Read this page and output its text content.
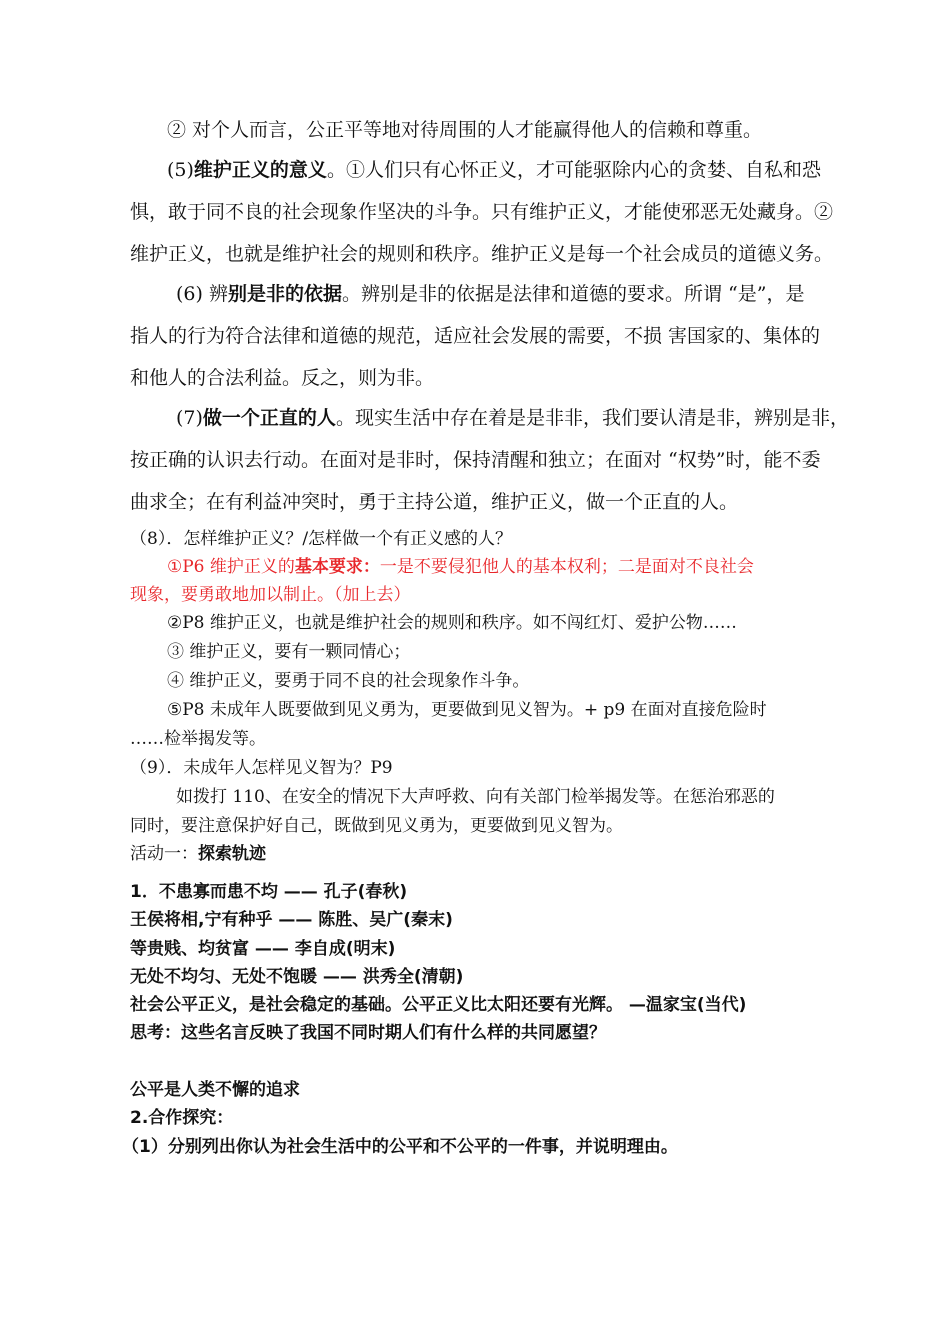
② 对个人而言，公正平等地对待周围的人才能赢得他人的信赖和尊重。
(5)维护正义的意义。①人们只有心怀正义，才可能驱除内心的贪婪、自私和恐
惧，敢于同不良的社会现象作坚决的斗争。只有维护正义，才能使邪恶无处藏身。②
维护正义，也就是维护社会的规则和秩序。维护正义是每一个社会成员的道德义务。
(6) 辨别是非的依据。辨别是非的依据是法律和道德的要求。所谓 “是”，是
指人的行为符合法律和道德的规范，适应社会发展的需要，不损 害国家的、集体的
和他人的合法利益。反之，则为非。
(7)做一个正直的人。现实生活中存在着是是非非，我们要认清是非，辨别是非，
按正确的认识去行动。在面对是非时，保持清醒和独立；在面对 “权势”时，能不委
曲求全；在有利益冲突时，勇于主持公道，维护正义，做一个正直的人。
（8）．怎样维护正义？/怎样做一个有正义感的人？
①P6 维护正义的基本要求：一是不要侵犯他人的基本权利；二是面对不良社会
现象，要勇敢地加以制止。（加上去）
②P8 维护正义，也就是维护社会的规则和秩序。如不闯红灯、爱护公物……
③ 维护正义，要有一颗同情心；
④ 维护正义，要勇于同不良的社会现象作斗争。
⑤P8 未成年人既要做到见义勇为，更要做到见义智为。+ p9 在面对直接危险时
……检举揭发等。
（9）．未成年人怎样见义智为？P9
如拨打 110、在安全的情况下大声呼救、向有关部门检举揭发等。在惩治邪恶的
同时，要注意保护好自己，既做到见义勇为，更要做到见义智为。
活动一：探索轨迹
1．不患寡而患不均 —— 孔子(春秋)
王侯将相,宁有种乎 —— 陈胜、吴广(秦末)
等贵贱、均贫富 —— 李自成(明末)
无处不均匀、无处不饱暖 —— 洪秀全(清朝)
社会公平正义，是社会稳定的基础。公平正义比太阳还要有光辉。 —温家宝(当代)
思考：这些名言反映了我国不同时期人们有什么样的共同愿望？
公平是人类不懈的追求
2.合作探究：
（1）分别列出你认为社会生活中的公平和不公平的一件事，并说明理由。
